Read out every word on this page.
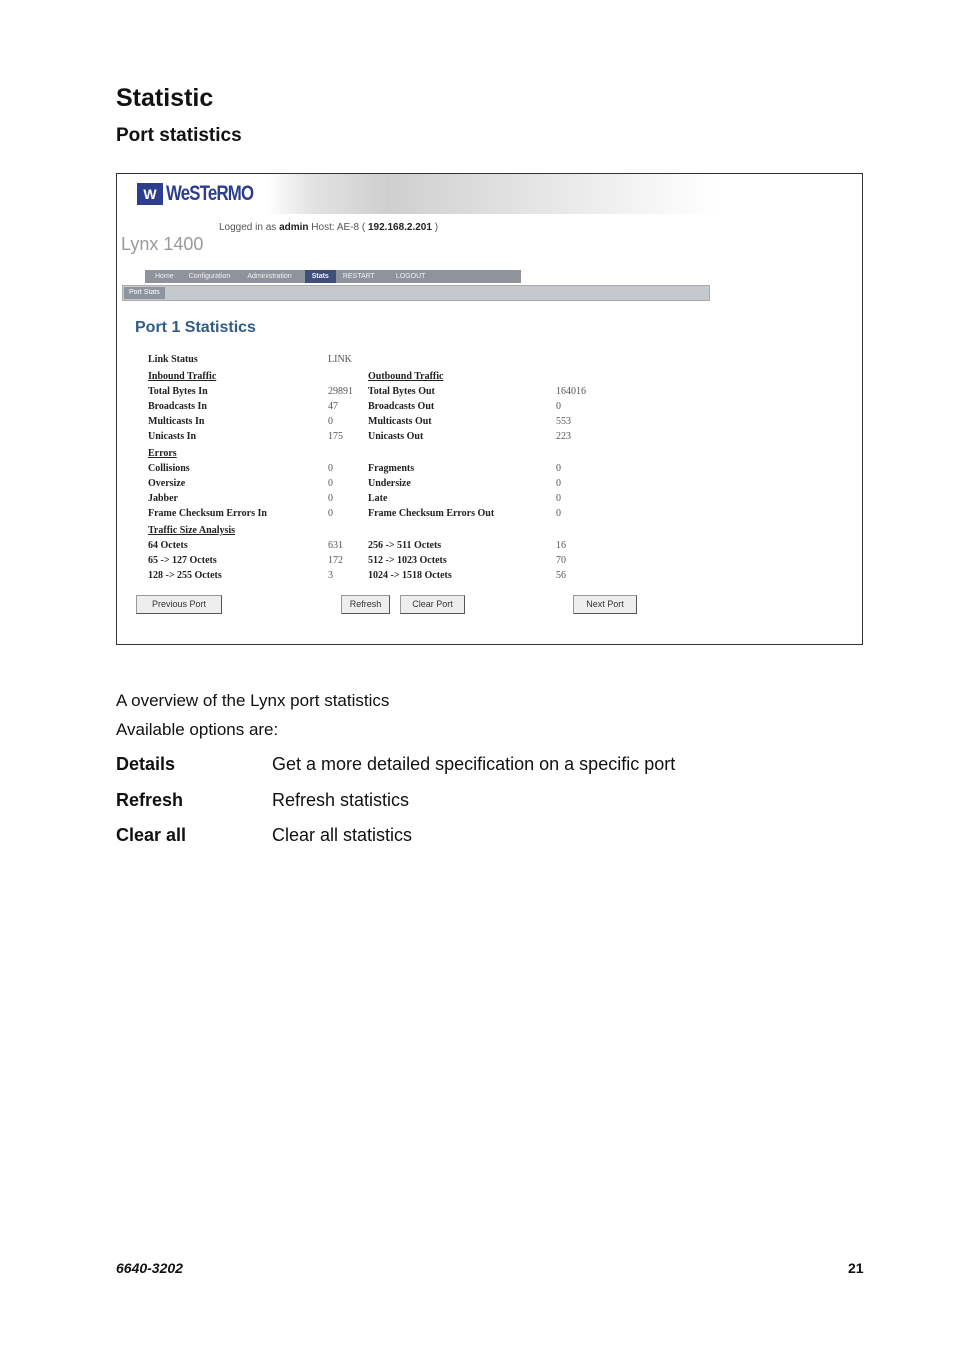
Statistic
Port statistics
W WeSTeRMO
Logged in as admin Host: AE-8 ( 192.168.2.201 )
Lynx 1400
Home	Configuration	Administration	Stats	RESTART	LOGOUT
Port Stats
Port 1 Statistics
Link Status	LINK
Inbound Traffic	Outbound Traffic
Total Bytes In	29891 Total Bytes Out	164016
Broadcasts In	47	Broadcasts Out	0
Multicasts In	0	Multicasts Out	553
Unicasts In	175	Unicasts Out	223
Errors
Collisions	0	Fragments	0
Oversize	0	Undersize	0
Jabber	0	Late	0
Frame Checksum Errors In	0	Frame Checksum Errors Out	0
Traffic Size Analysis
64 Octets	631	256 -> 511 Octets	16
65 -> 127 Octets	172	512 -> 1023 Octets	70
128 -> 255 Octets	3	1024 -> 1518 Octets	56
Previous Port	Refresh	Clear Port	Next Port
A overview of the Lynx port statistics
Available options are:
Details	Get a more detailed specification on a specific port
Refresh	Refresh statistics
Clear all	Clear all statistics
6640-3202	21
